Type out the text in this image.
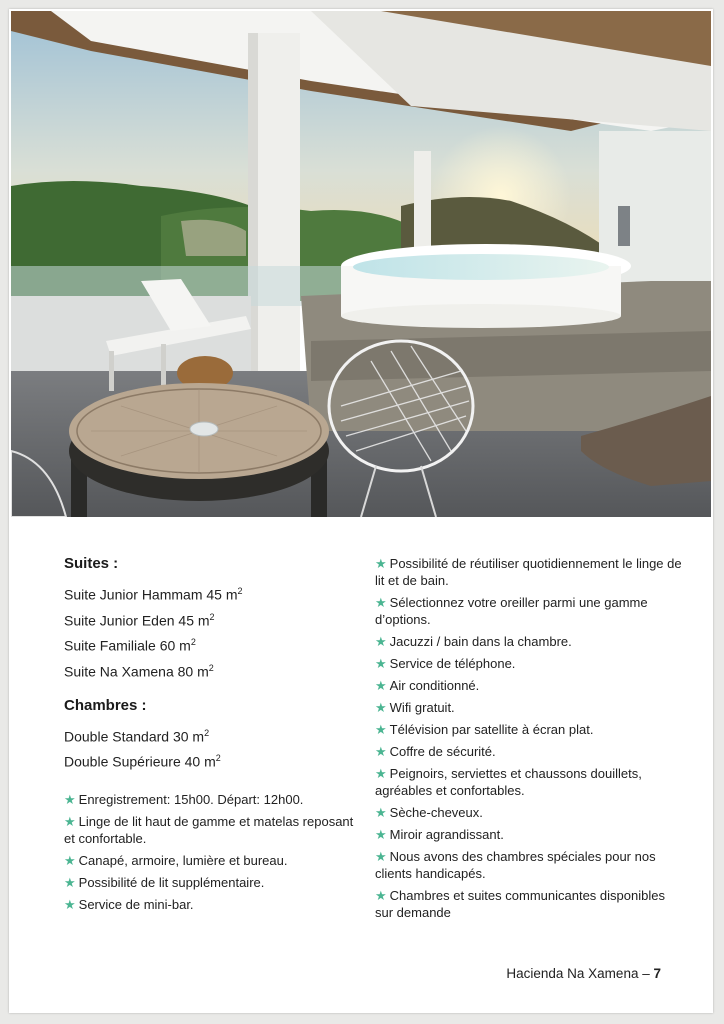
Suites :
Suite Junior Hammam 45 $m^2$
Suite Junior Eden 45 $m^2$
Suite Familiale 60 $m^2$
Suite Na Xamena 80 $m^2$
Chambres :
Double Standard 30 $m^2$
Double Supérieure 40 $m^2$
★ Enregistrement: 15h00. Départ: 12h00.
★ Linge de lit haut de gamme et matelas reposant et confortable.
★ Canapé, armoire, lumière et bureau.
★ Possibilité de lit supplémentaire.
★ Service de mini-bar.
★ Possibilité de réutiliser quotidiennement le linge de lit et de bain.
★ Sélectionnez votre oreiller parmi une gamme d’options.
★ Jacuzzi / bain dans la chambre.
★ Service de téléphone.
★ Air conditionné.
★ Wifi gratuit.
★ Télévision par satellite à écran plat.
★ Coffre de sécurité.
★ Peignoirs, serviettes et chaussons douillets, agréables et confortables.
★ Sèche-cheveux.
★ Miroir agrandissant.
★ Nous avons des chambres spéciales pour nos clients handicapés.
★ Chambres et suites communicantes disponibles sur demande
Hacienda Na Xamena – 7
